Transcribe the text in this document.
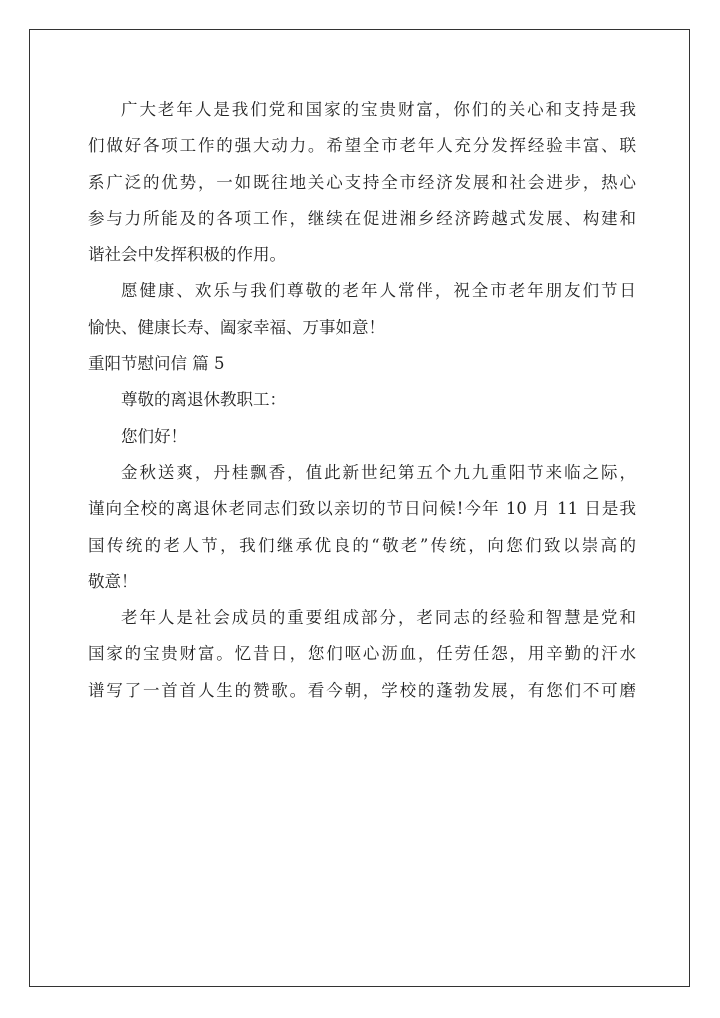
广大老年人是我们党和国家的宝贵财富，你们的关心和支持是我
们做好各项工作的强大动力。希望全市老年人充分发挥经验丰富、联
系广泛的优势，一如既往地关心支持全市经济发展和社会进步，热心
参与力所能及的各项工作，继续在促进湘乡经济跨越式发展、构建和
谐社会中发挥积极的作用。
愿健康、欢乐与我们尊敬的老年人常伴，祝全市老年朋友们节日
愉快、健康长寿、阖家幸福、万事如意！
重阳节慰问信 篇 5
尊敬的离退休教职工：
您们好！
金秋送爽，丹桂飘香，值此新世纪第五个九九重阳节来临之际，
谨向全校的离退休老同志们致以亲切的节日问候!今年 10 月 11 日是我
国传统的老人节，我们继承优良的“敬老”传统，向您们致以崇高的
敬意！
老年人是社会成员的重要组成部分，老同志的经验和智慧是党和
国家的宝贵财富。忆昔日，您们呕心沥血，任劳任怨，用辛勤的汗水
谱写了一首首人生的赞歌。看今朝，学校的蓬勃发展，有您们不可磨
